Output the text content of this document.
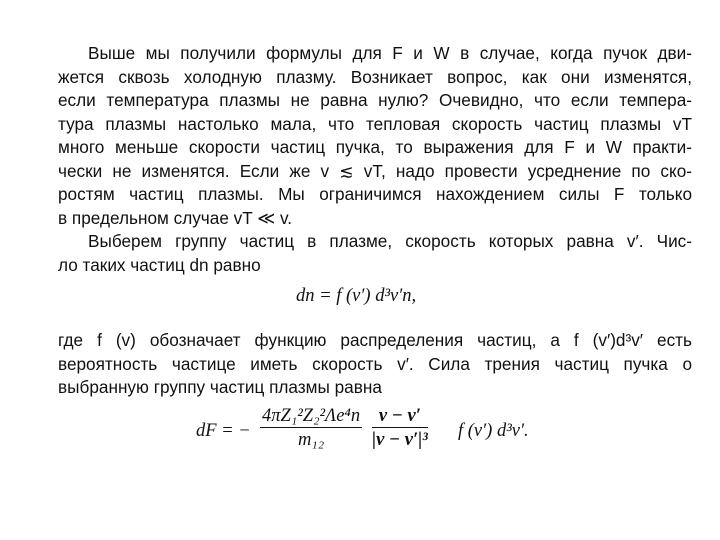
Выше мы получили формулы для F и W в случае, когда пучок дви-
жется сквозь холодную плазму. Возникает вопрос, как они изменятся,
если температура плазмы не равна нулю? Очевидно, что если темпера-
тура плазмы настолько мала, что тепловая скорость частиц плазмы vT
много меньше скорости частиц пучка, то выражения для F и W практи-
чески не изменятся. Если же v ≲ vT, надо провести усреднение по ско-
ростям частиц плазмы. Мы ограничимся нахождением силы F только
в предельном случае vT ≪ v.
Выберем группу частиц в плазме, скорость которых равна v′. Чис-
ло таких частиц dn равно
dn = f (v′) d³v′n,
где f (v) обозначает функцию распределения частиц, а f (v′)d³v′ есть
вероятность частице иметь скорость v′. Сила трения частиц пучка о
выбранную группу частиц плазмы равна
dF = − $\frac{\text{4πZ₁²Z₂²Λe⁴n}}{\text{m₁₂}} \frac{v - v'}{\text{|v − v′|³}}$ f (v′) d³v′.
